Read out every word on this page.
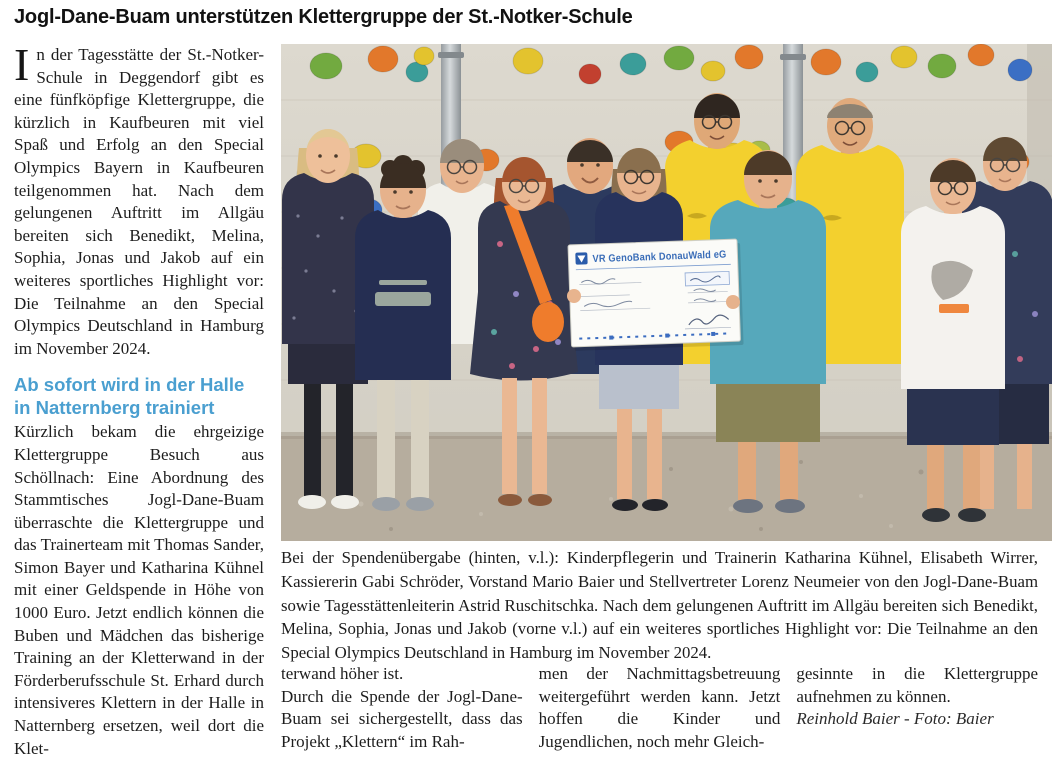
Jogl-Dane-Buam unterstützen Klettergruppe der St.-Notker-Schule

In der Tagesstätte der St.-Notker-Schule in Deggendorf gibt es eine fünfköpfige Klettergruppe, die kürzlich in Kaufbeuren mit viel Spaß und Erfolg an den Special Olympics Bayern in Kaufbeuren teilgenommen hat. Nach dem gelungenen Auftritt im Allgäu bereiten sich Benedikt, Melina, Sophia, Jonas und Jakob auf ein weiteres sportliches Highlight vor: Die Teilnahme an den Special Olympics Deutschland in Hamburg im November 2024.

Ab sofort wird in der Halle in Natternberg trainiert

Kürzlich bekam die ehrgeizige Klettergruppe Besuch aus Schöllnach: Eine Abordnung des Stammtisches Jogl-Dane-Buam überraschte die Klettergruppe und das Trainerteam mit Thomas Sander, Simon Bayer und Katharina Kühnel mit einer Geldspende in Höhe von 1000 Euro. Jetzt endlich können die Buben und Mädchen das bisherige Training an der Kletterwand in der Förderberufsschule St. Erhard durch intensiveres Klettern in der Halle in Natternberg ersetzen, weil dort die Klet-

VR GenoBank DonauWald eG

Bei der Spendenübergabe (hinten, v.l.): Kinderpflegerin und Trainerin Katharina Kühnel, Elisabeth Wirrer, Kassiererin Gabi Schröder, Vorstand Mario Baier und Stellvertreter Lorenz Neumeier von den Jogl-Dane-Buam sowie Tagesstättenleiterin Astrid Ruschitschka. Nach dem gelungenen Auftritt im Allgäu bereiten sich Benedikt, Melina, Sophia, Jonas und Jakob (vorne v.l.) auf ein weiteres sportliches Highlight vor: Die Teilnahme an den Special Olympics Deutschland in Hamburg im November 2024.

terwand höher ist.

Durch die Spende der Jogl-Dane-Buam sei sichergestellt, dass das Projekt „Klettern“ im Rah-

men der Nachmittagsbetreuung weitergeführt werden kann. Jetzt hoffen die Kinder und Jugendlichen, noch mehr Gleich-

gesinnte in die Klettergruppe aufnehmen zu können.

Reinhold Baier - Foto: Baier
